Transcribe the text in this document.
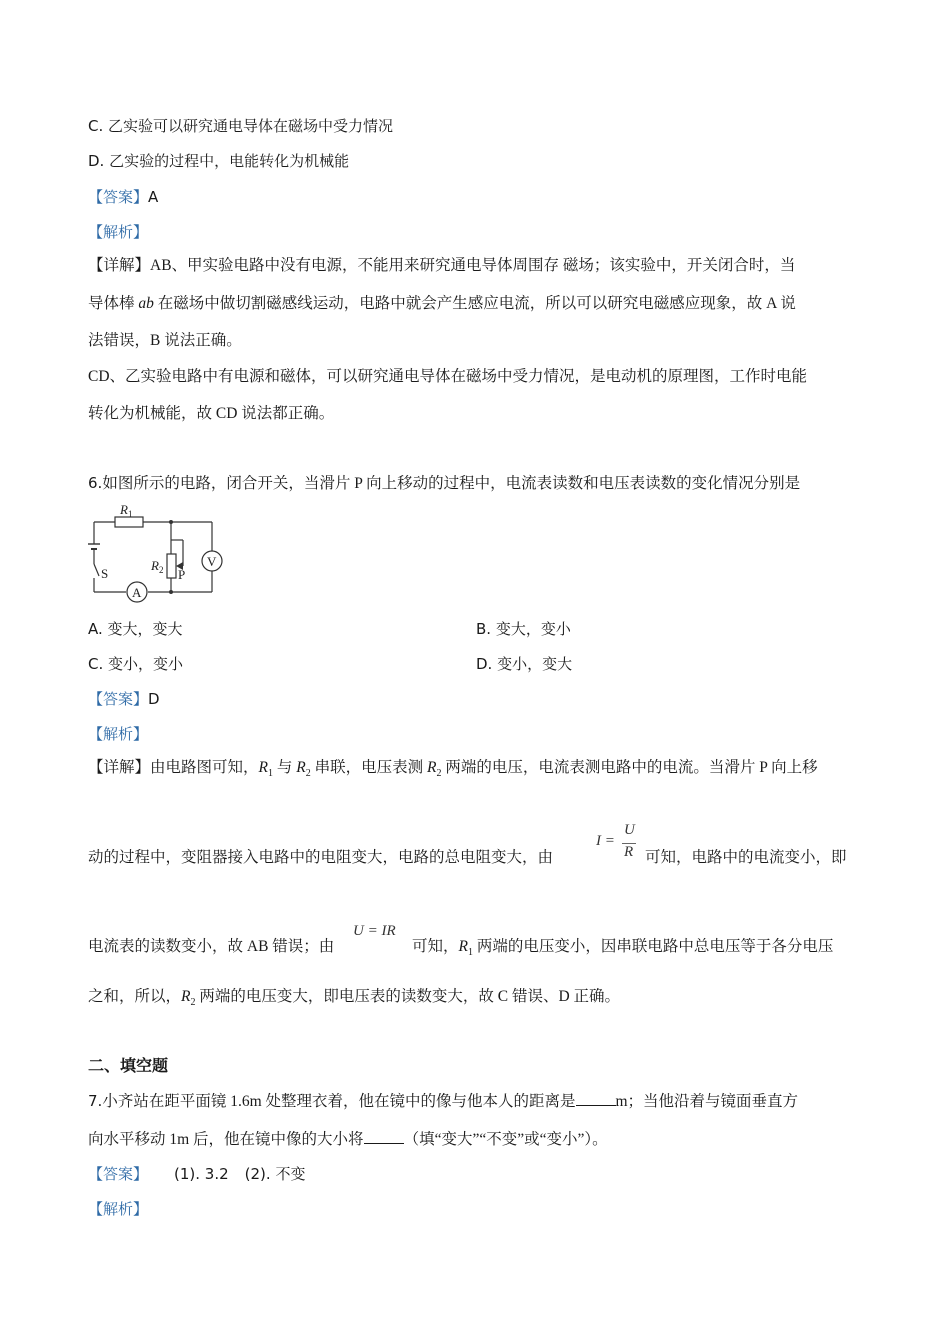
C. 乙实验可以研究通电导体在磁场中受力情况
D. 乙实验的过程中，电能转化为机械能
【答案】A
【解析】
【详解】AB、甲实验电路中没有电源，不能用来研究通电导体周围存 磁场；该实验中，开关闭合时，当
导体棒 ab 在磁场中做切割磁感线运动，电路中就会产生感应电流，所以可以研究电磁感应现象，故 A 说
法错误，B 说法正确。
CD、乙实验电路中有电源和磁体，可以研究通电导体在磁场中受力情况，是电动机的原理图，工作时电能
转化为机械能，故 CD 说法都正确。
6.如图所示的电路，闭合开关，当滑片 P 向上移动的过程中，电流表读数和电压表读数的变化情况分别是
$R_1$
$R_2$ P
S
V
A
A. 变大，变大	B. 变大，变小
C. 变小，变小	D. 变小，变大
【答案】D
【解析】
【详解】由电路图可知，$R_1$ 与 $R_2$ 串联，电压表测 $R_2$ 两端的电压，电流表测电路中的电流。当滑片 P 向上移
动的过程中，变阻器接入电路中的电阻变大，电路的总电阻变大，由
I =
U
R 可知，电路中的电流变小，即
U = IR
电流表的读数变小，故 AB 错误；由	可知，$R_1$ 两端的电压变小，因串联电路中总电压等于各分电压
之和，所以，$R_2$ 两端的电压变大，即电压表的读数变大，故 C 错误、D 正确。
二、填空题
7.小齐站在距平面镜 1.6m 处整理衣着，他在镜中的像与他本人的距离是	m；当他沿着与镜面垂直方
向水平移动 1m 后，他在镜中像的大小将	（填“变大”“不变”或“变小”）。
【答案】 (1). 3.2 (2). 不变
【解析】
